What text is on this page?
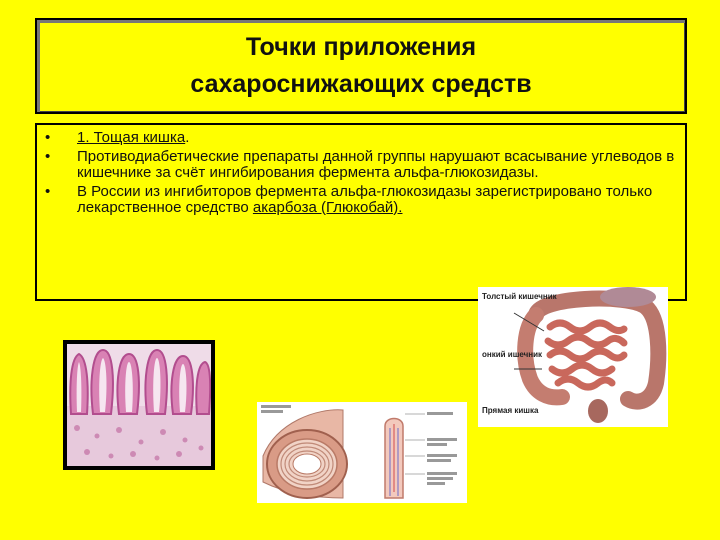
Точки приложения сахароснижающих средств
• 1. Тощая кишка.
• Противодиабетические препараты данной группы нарушают всасывание углеводов в кишечнике за счёт ингибирования фермента альфа-глюкозидазы.
• В России из ингибиторов фермента альфа-глюкозидазы зарегистрировано только лекарственное средство акарбоза (Глюкобай).
Толстый кишечник
онкий ишечник
Прямая кишка
